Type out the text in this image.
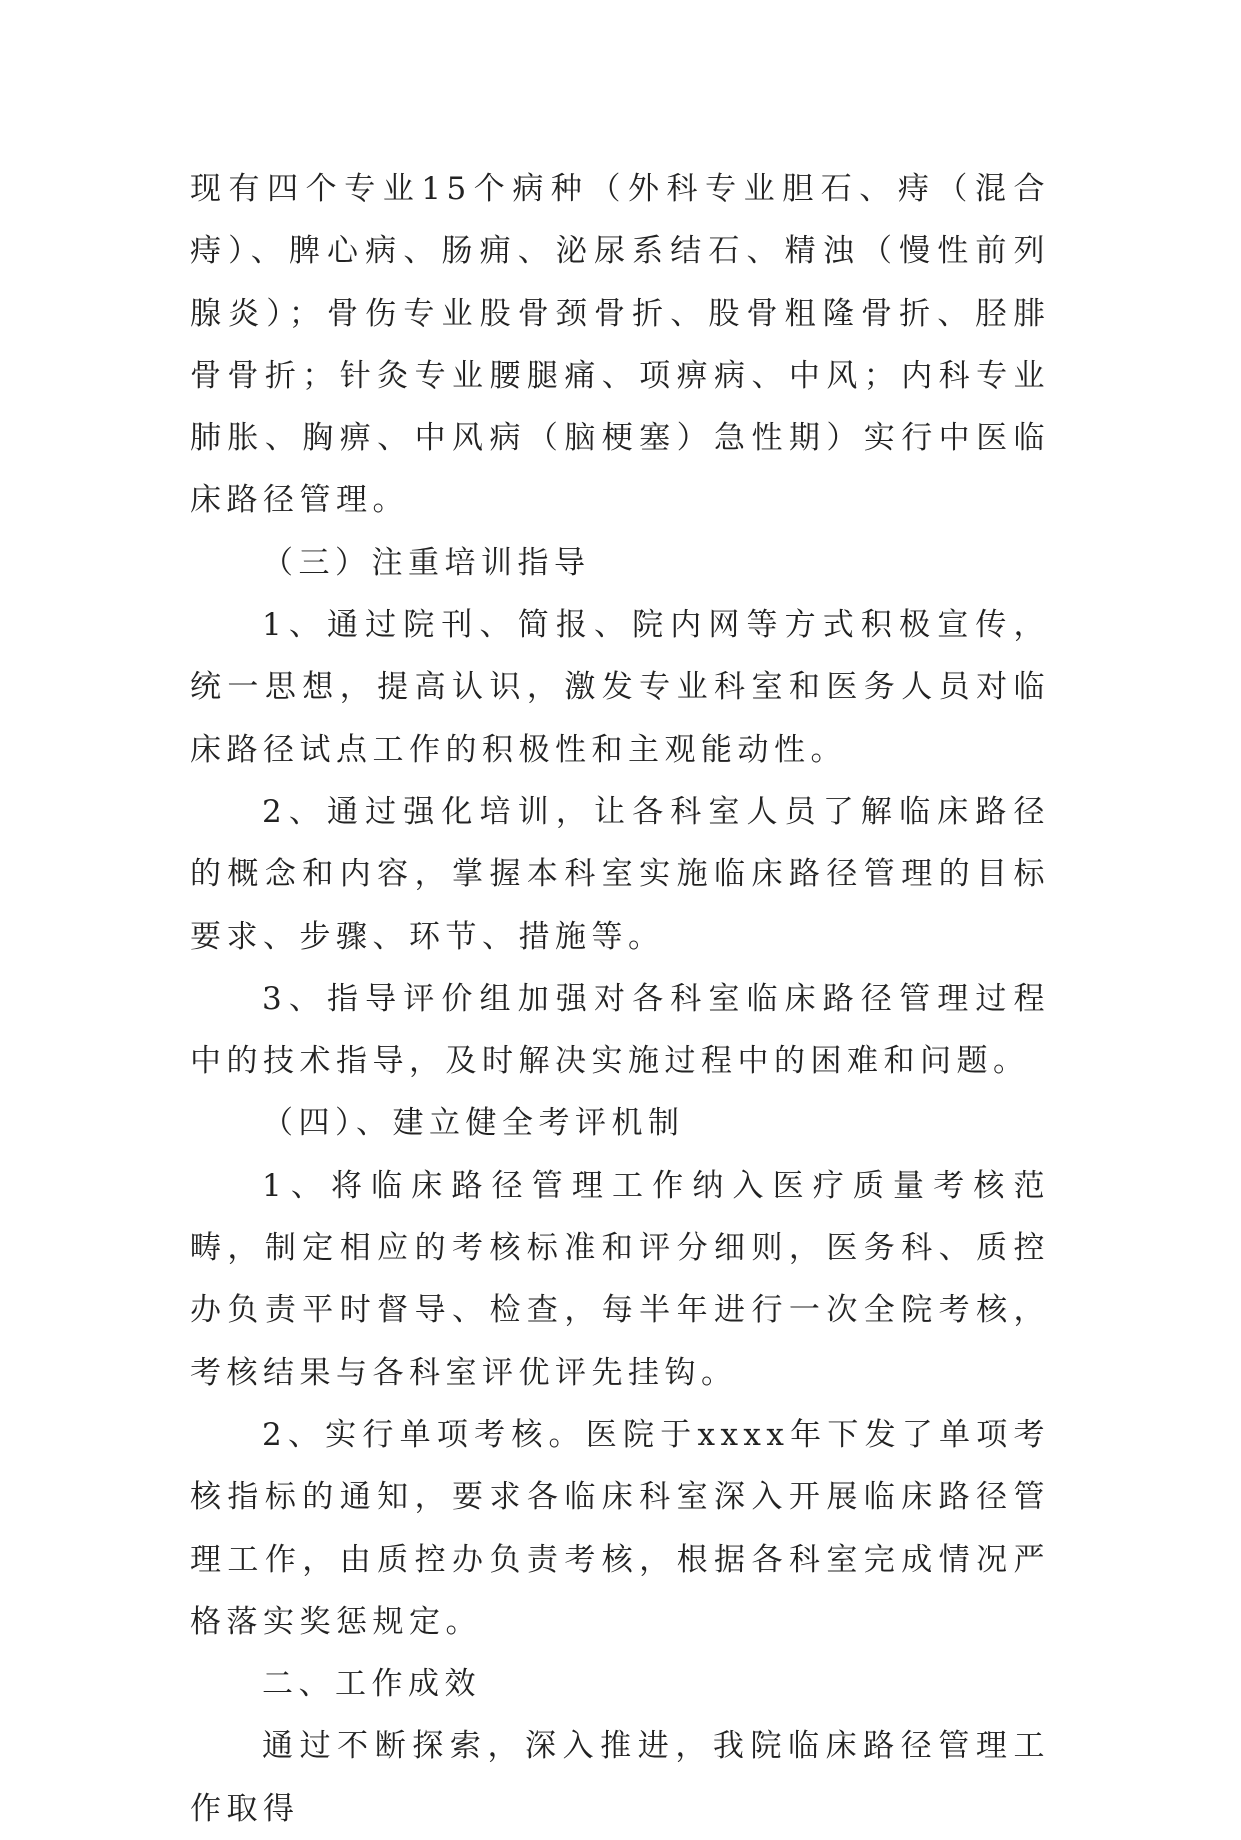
现有四个专业15个病种（外科专业胆石、痔（混合痔）、脾心病、肠痈、泌尿系结石、精浊（慢性前列腺炎）；骨伤专业股骨颈骨折、股骨粗隆骨折、胫腓骨骨折；针灸专业腰腿痛、项痹病、中风；内科专业肺胀、胸痹、中风病（脑梗塞）急性期）实行中医临床路径管理。

（三）注重培训指导

1、通过院刊、简报、院内网等方式积极宣传，统一思想，提高认识，激发专业科室和医务人员对临床路径试点工作的积极性和主观能动性。

2、通过强化培训，让各科室人员了解临床路径的概念和内容，掌握本科室实施临床路径管理的目标要求、步骤、环节、措施等。

3、指导评价组加强对各科室临床路径管理过程中的技术指导，及时解决实施过程中的困难和问题。

（四）、建立健全考评机制

1、将临床路径管理工作纳入医疗质量考核范畴，制定相应的考核标准和评分细则，医务科、质控办负责平时督导、检查，每半年进行一次全院考核，考核结果与各科室评优评先挂钩。

2、实行单项考核。医院于xxxx年下发了单项考核指标的通知，要求各临床科室深入开展临床路径管理工作，由质控办负责考核，根据各科室完成情况严格落实奖惩规定。

二、工作成效

通过不断探索，深入推进，我院临床路径管理工作取得
